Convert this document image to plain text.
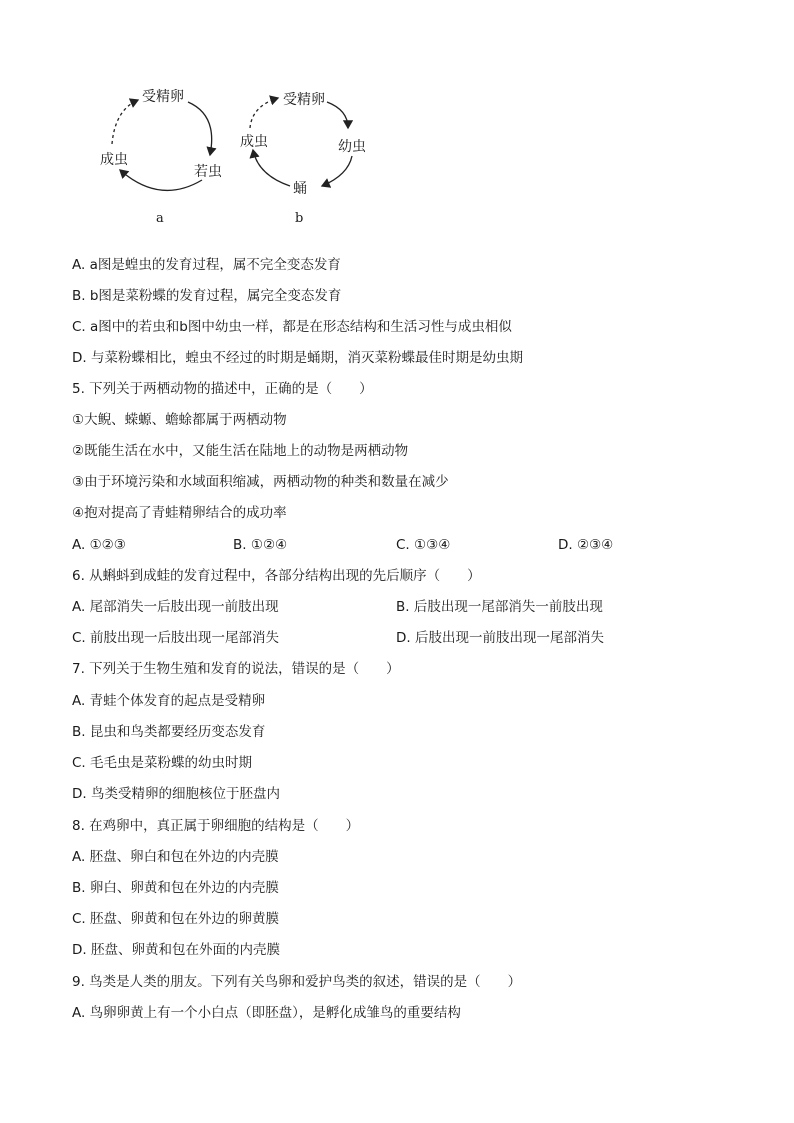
受精卵
若虫
成虫
a
受精卵
幼虫
蛹
成虫
b
A. a图是蝗虫的发育过程，属不完全变态发育
B. b图是菜粉蝶的发育过程，属完全变态发育
C. a图中的若虫和b图中幼虫一样，都是在形态结构和生活习性与成虫相似
D. 与菜粉蝶相比，蝗虫不经过的时期是蛹期，消灭菜粉蝶最佳时期是幼虫期
5. 下列关于两栖动物的描述中，正确的是（　　）
①大鲵、蝾螈、蟾蜍都属于两栖动物
②既能生活在水中，又能生活在陆地上的动物是两栖动物
③由于环境污染和水域面积缩减，两栖动物的种类和数量在减少
④抱对提高了青蛙精卵结合的成功率
A. ①②③	B. ①②④	C. ①③④	D. ②③④
6. 从蝌蚪到成蛙的发育过程中，各部分结构出现的先后顺序（　　）
A. 尾部消失一后肢出现一前肢出现	B. 后肢出现一尾部消失一前肢出现
C. 前肢出现一后肢出现一尾部消失	D. 后肢出现一前肢出现一尾部消失
7. 下列关于生物生殖和发育的说法，错误的是（　　）
A. 青蛙个体发育的起点是受精卵
B. 昆虫和鸟类都要经历变态发育
C. 毛毛虫是菜粉蝶的幼虫时期
D. 鸟类受精卵的细胞核位于胚盘内
8. 在鸡卵中，真正属于卵细胞的结构是（　　）
A. 胚盘、卵白和包在外边的内壳膜
B. 卵白、卵黄和包在外边的内壳膜
C. 胚盘、卵黄和包在外边的卵黄膜
D. 胚盘、卵黄和包在外面的内壳膜
9. 鸟类是人类的朋友。下列有关鸟卵和爱护鸟类的叙述，错误的是（　　）
A. 鸟卵卵黄上有一个小白点（即胚盘），是孵化成雏鸟的重要结构
